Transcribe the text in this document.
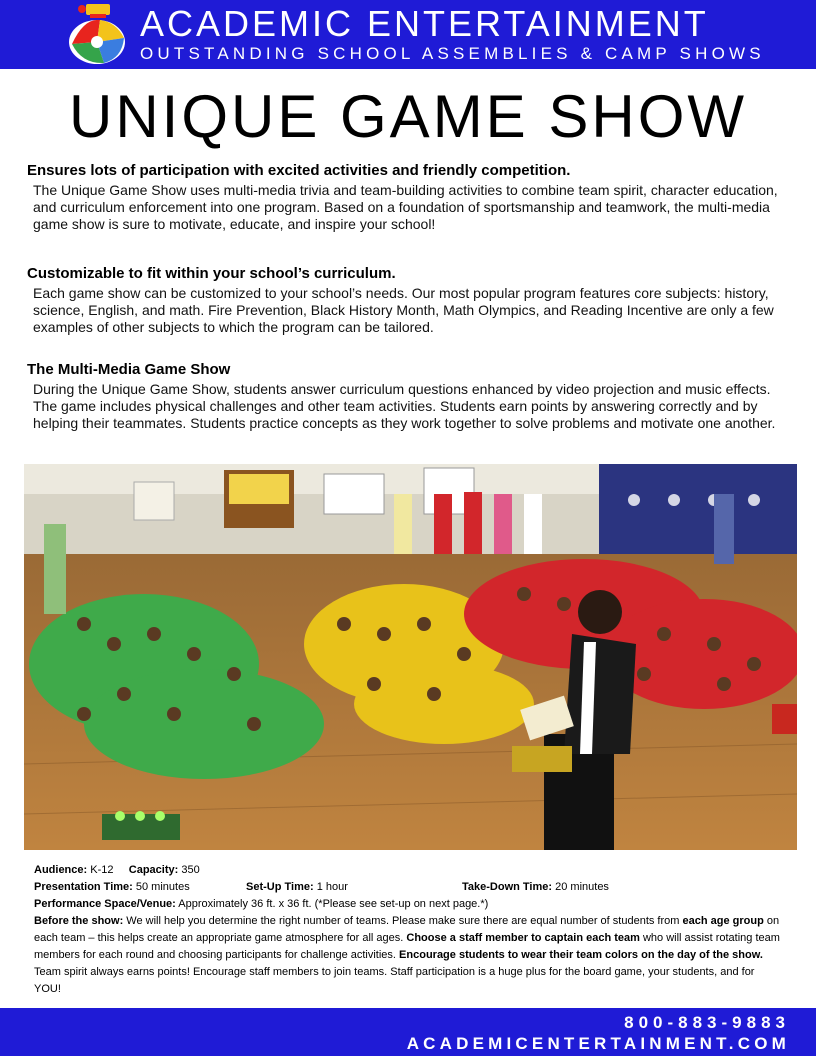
ACADEMIC ENTERTAINMENT
OUTSTANDING SCHOOL ASSEMBLIES & CAMP SHOWS
UNIQUE GAME SHOW
Ensures lots of participation with excited activities and friendly competition.

The Unique Game Show uses multi-media trivia and team-building activities to combine team spirit, character education, and curriculum enforcement into one program. Based on a foundation of sportsmanship and teamwork, the multi-media game show is sure to motivate, educate, and inspire your school!

Customizable to fit within your school’s curriculum.

Each game show can be customized to your school’s needs. Our most popular program features core subjects: history, science, English, and math. Fire Prevention, Black History Month, Math Olympics, and Reading Incentive are only a few examples of other subjects to which the program can be tailored.

The Multi-Media Game Show

During the Unique Game Show, students answer curriculum questions enhanced by video projection and music effects. The game includes physical challenges and other team activities. Students earn points by answering correctly and by helping their teammates. Students practice concepts as they work together to solve problems and motivate one another.

Audience: K-12 Capacity: 350
Presentation Time: 50 minutes	Set-Up Time: 1 hour	Take-Down Time: 20 minutes
Performance Space/Venue: Approximately 36 ft. x 36 ft. (*Please see set-up on next page.*)

Before the show: We will help you determine the right number of teams. Please make sure there are equal number of students from each age group on each team – this helps create an appropriate game atmosphere for all ages. Choose a staff member to captain each team who will assist rotating team members for each round and choosing participants for challenge activities. Encourage students to wear their team colors on the day of the show. Team spirit always earns points! Encourage staff members to join teams. Staff participation is a huge plus for the board game, your students, and for YOU!

800-883-9883
ACADEMICENTERTAINMENT.COM
